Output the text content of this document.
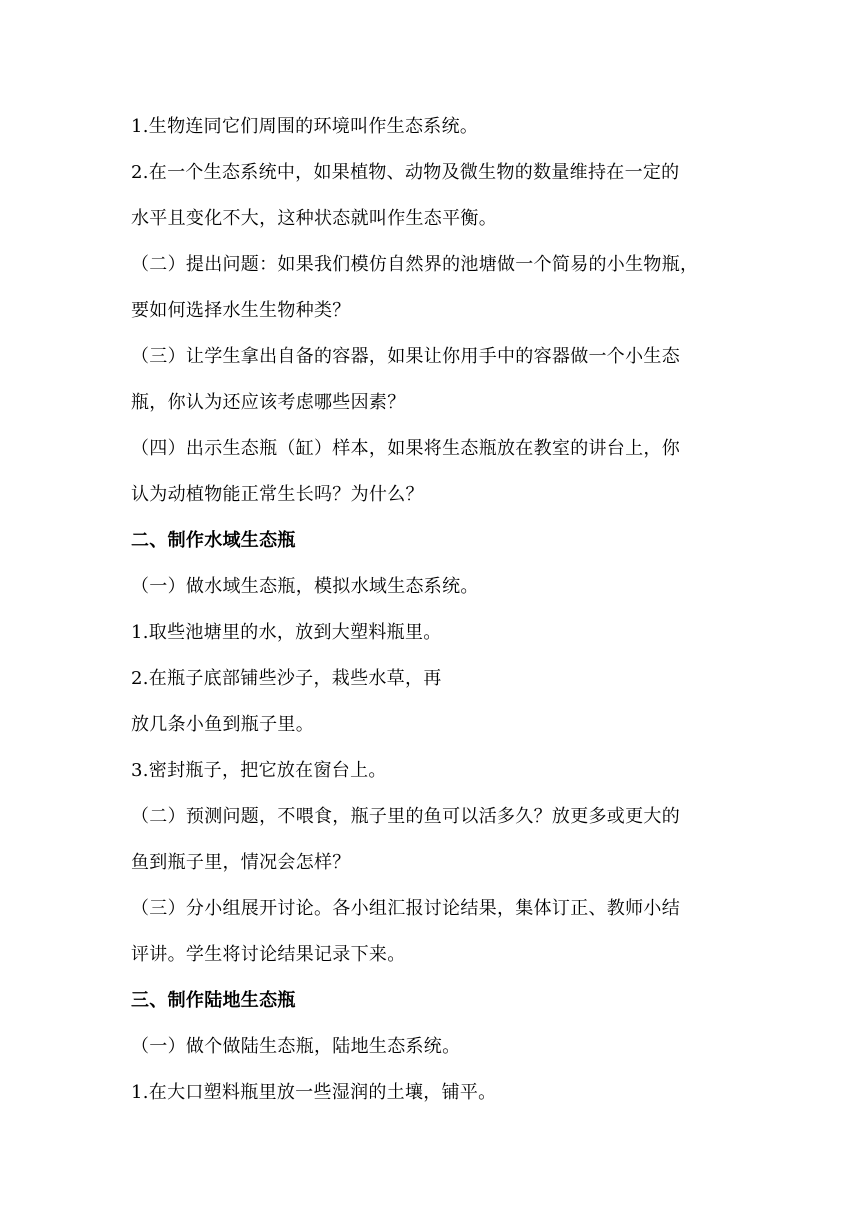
1.生物连同它们周围的环境叫作生态系统。
2.在一个生态系统中，如果植物、动物及微生物的数量维持在一定的
水平且变化不大，这种状态就叫作生态平衡。
（二）提出问题：如果我们模仿自然界的池塘做一个简易的小生物瓶，
要如何选择水生生物种类？
（三）让学生拿出自备的容器，如果让你用手中的容器做一个小生态
瓶，你认为还应该考虑哪些因素？
（四）出示生态瓶（缸）样本，如果将生态瓶放在教室的讲台上，你
认为动植物能正常生长吗？为什么？
二、制作水域生态瓶
（一）做水域生态瓶，模拟水域生态系统。
1.取些池塘里的水，放到大塑料瓶里。
2.在瓶子底部铺些沙子，栽些水草，再
放几条小鱼到瓶子里。
3.密封瓶子，把它放在窗台上。
（二）预测问题，不喂食，瓶子里的鱼可以活多久？放更多或更大的
鱼到瓶子里，情况会怎样？
（三）分小组展开讨论。各小组汇报讨论结果，集体订正、教师小结
评讲。学生将讨论结果记录下来。
三、制作陆地生态瓶
（一）做个做陆生态瓶，陆地生态系统。
1.在大口塑料瓶里放一些湿润的土壤，铺平。
